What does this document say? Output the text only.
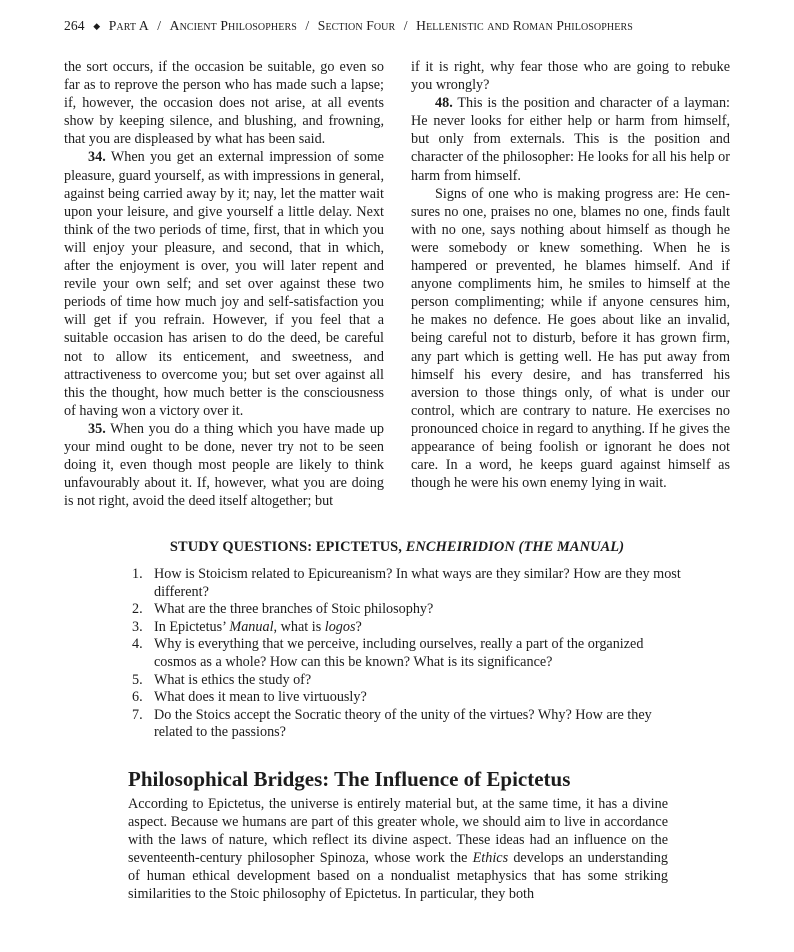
264 ◆ Part A / Ancient Philosophers / Section Four / Hellenistic and Roman Philosophers

the sort occurs, if the occasion be suitable, go even so far as to reprove the person who has made such a lapse; if, however, the occasion does not arise, at all events show by keeping silence, and blushing, and frowning, that you are displeased by what has been said.

34. When you get an external impression of some pleasure, guard yourself, as with impressions in general, against being carried away by it; nay, let the matter wait upon your leisure, and give yourself a little delay. Next think of the two periods of time, first, that in which you will enjoy your pleasure, and second, that in which, after the enjoyment is over, you will later repent and revile your own self; and set over against these two periods of time how much joy and self-satisfaction you will get if you refrain. However, if you feel that a suitable occasion has arisen to do the deed, be careful not to allow its enticement, and sweetness, and attractiveness to overcome you; but set over against all this the thought, how much better is the consciousness of having won a victory over it.

35. When you do a thing which you have made up your mind ought to be done, never try not to be seen doing it, even though most people are likely to think unfavourably about it. If, however, what you are doing is not right, avoid the deed itself altogether; but

if it is right, why fear those who are going to rebuke you wrongly?

48. This is the position and character of a layman: He never looks for either help or harm from himself, but only from externals. This is the position and character of the philosopher: He looks for all his help or harm from himself.

Signs of one who is making progress are: He censures no one, praises no one, blames no one, finds fault with no one, says nothing about himself as though he were somebody or knew something. When he is hampered or prevented, he blames himself. And if anyone compliments him, he smiles to himself at the person complimenting; while if anyone censures him, he makes no defence. He goes about like an invalid, being careful not to disturb, before it has grown firm, any part which is getting well. He has put away from himself his every desire, and has transferred his aversion to those things only, of what is under our control, which are contrary to nature. He exercises no pronounced choice in regard to anything. If he gives the appearance of being foolish or ignorant he does not care. In a word, he keeps guard against himself as though he were his own enemy lying in wait.

STUDY QUESTIONS: EPICTETUS, ENCHEIRIDION (THE MANUAL)
1. How is Stoicism related to Epicureanism? In what ways are they similar? How are they most different?
2. What are the three branches of Stoic philosophy?
3. In Epictetus’ Manual, what is logos?
4. Why is everything that we perceive, including ourselves, really a part of the organized cosmos as a whole? How can this be known? What is its significance?
5. What is ethics the study of?
6. What does it mean to live virtuously?
7. Do the Stoics accept the Socratic theory of the unity of the virtues? Why? How are they related to the passions?
Philosophical Bridges: The Influence of Epictetus

According to Epictetus, the universe is entirely material but, at the same time, it has a divine aspect. Because we humans are part of this greater whole, we should aim to live in accordance with the laws of nature, which reflect its divine aspect. These ideas had an influence on the seventeenth-century philosopher Spinoza, whose work the Ethics develops an understanding of human ethical development based on a nondualist metaphysics that has some striking similarities to the Stoic philosophy of Epictetus. In particular, they both
